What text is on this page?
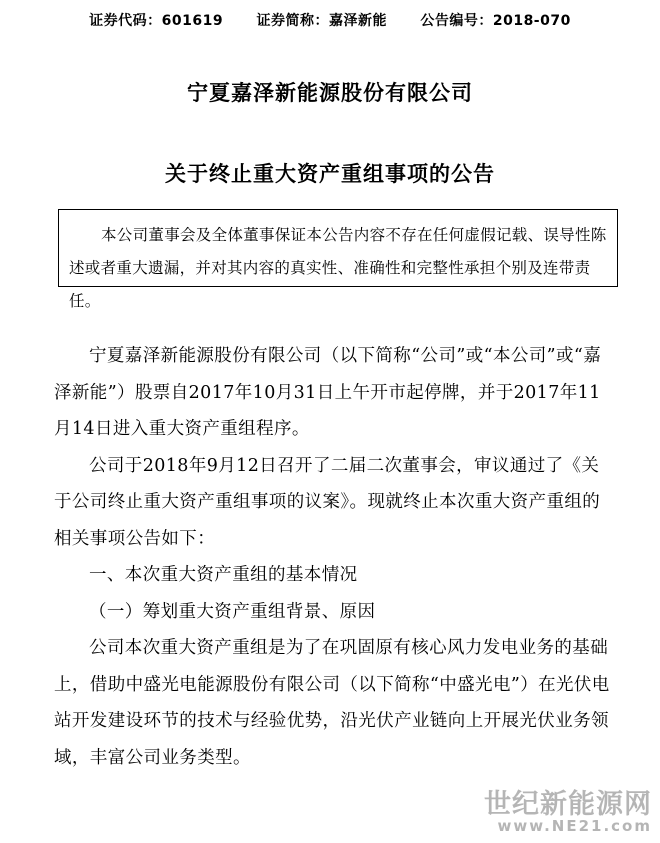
证券代码：601619 证券简称：嘉泽新能 公告编号：2018-070
宁夏嘉泽新能源股份有限公司
关于终止重大资产重组事项的公告
本公司董事会及全体董事保证本公告内容不存在任何虚假记载、误导性陈述或者重大遗漏，并对其内容的真实性、准确性和完整性承担个别及连带责任。

宁夏嘉泽新能源股份有限公司（以下简称“公司”或“本公司”或“嘉泽新能”）股票自2017年10月31日上午开市起停牌，并于2017年11月14日进入重大资产重组程序。

公司于2018年9月12日召开了二届二次董事会，审议通过了《关于公司终止重大资产重组事项的议案》。现就终止本次重大资产重组的相关事项公告如下：

一、本次重大资产重组的基本情况

（一）筹划重大资产重组背景、原因

公司本次重大资产重组是为了在巩固原有核心风力发电业务的基础上，借助中盛光电能源股份有限公司（以下简称“中盛光电”）在光伏电站开发建设环节的技术与经验优势，沿光伏产业链向上开展光伏业务领域，丰富公司业务类型。

世纪新能源网
www.NE21.com
